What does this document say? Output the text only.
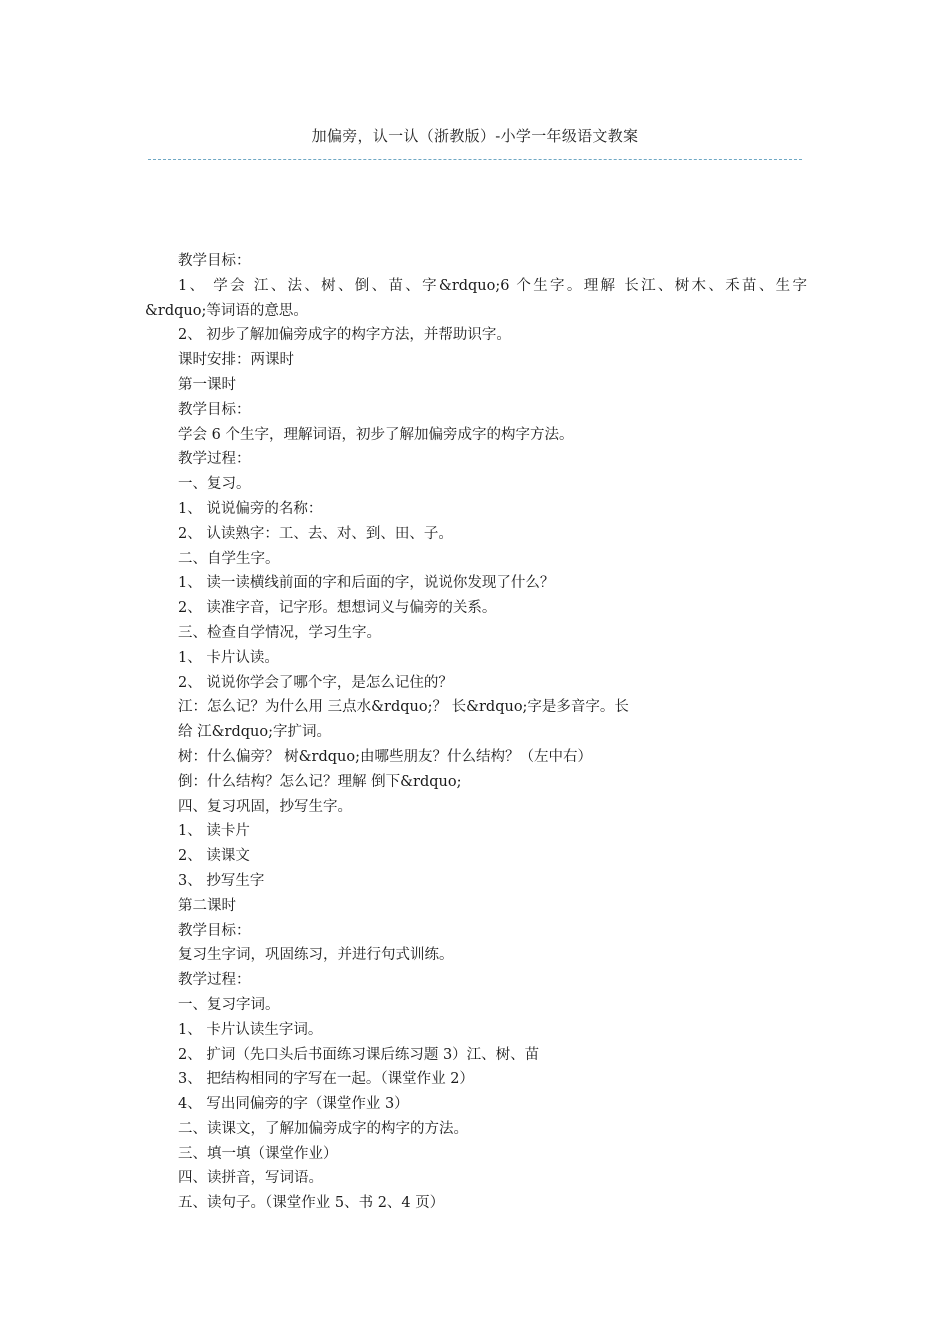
加偏旁，认一认（浙教版）-小学一年级语文教案
教学目标：
1、 学会 江、法、树、倒、苗、字&rdquo;6 个生字。理解 长江、树木、禾苗、生字
&rdquo;等词语的意思。
2、 初步了解加偏旁成字的构字方法，并帮助识字。
课时安排：两课时
第一课时
教学目标：
学会 6 个生字，理解词语，初步了解加偏旁成字的构字方法。
教学过程：
一、复习。
1、 说说偏旁的名称：
2、 认读熟字：工、去、对、到、田、子。
二、自学生字。
1、 读一读横线前面的字和后面的字，说说你发现了什么？
2、 读准字音，记字形。想想词义与偏旁的关系。
三、检查自学情况，学习生字。
1、 卡片认读。
2、 说说你学会了哪个字，是怎么记住的？
江：怎么记？为什么用 三点水&rdquo;？ 长&rdquo;字是多音字。长
给 江&rdquo;字扩词。
树：什么偏旁？ 树&rdquo;由哪些朋友？什么结构？（左中右）
倒：什么结构？怎么记？理解 倒下&rdquo;
四、复习巩固，抄写生字。
1、 读卡片
2、 读课文
3、 抄写生字
第二课时
教学目标：
复习生字词，巩固练习，并进行句式训练。
教学过程：
一、复习字词。
1、 卡片认读生字词。
2、 扩词（先口头后书面练习课后练习题 3）江、树、苗
3、 把结构相同的字写在一起。（课堂作业 2）
4、 写出同偏旁的字（课堂作业 3）
二、读课文，了解加偏旁成字的构字的方法。
三、填一填（课堂作业）
四、读拼音，写词语。
五、读句子。（课堂作业 5、书 2、4 页）
